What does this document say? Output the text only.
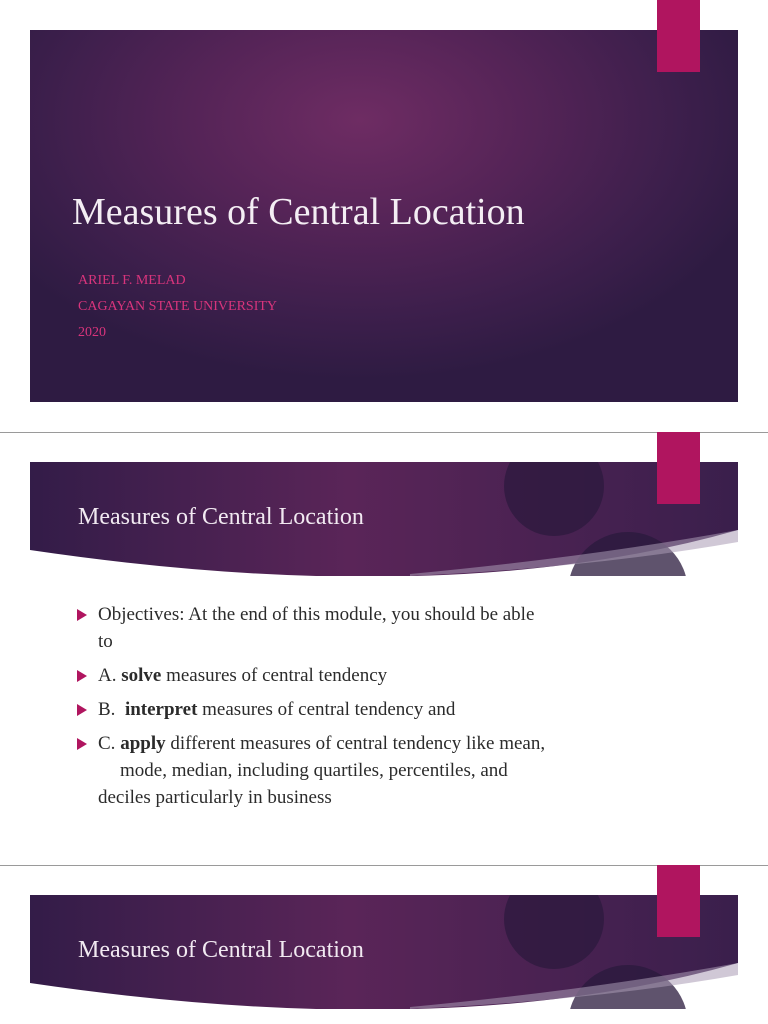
Measures of Central Location
ARIEL F. MELAD
CAGAYAN STATE UNIVERSITY
2020
Measures of Central Location
Objectives: At the end of this module, you should be able
to
A. solve measures of central tendency
B.  interpret measures of central tendency and
C. apply different measures of central tendency like mean,
mode, median, including quartiles, percentiles, and
deciles particularly in business
Measures of Central Location
